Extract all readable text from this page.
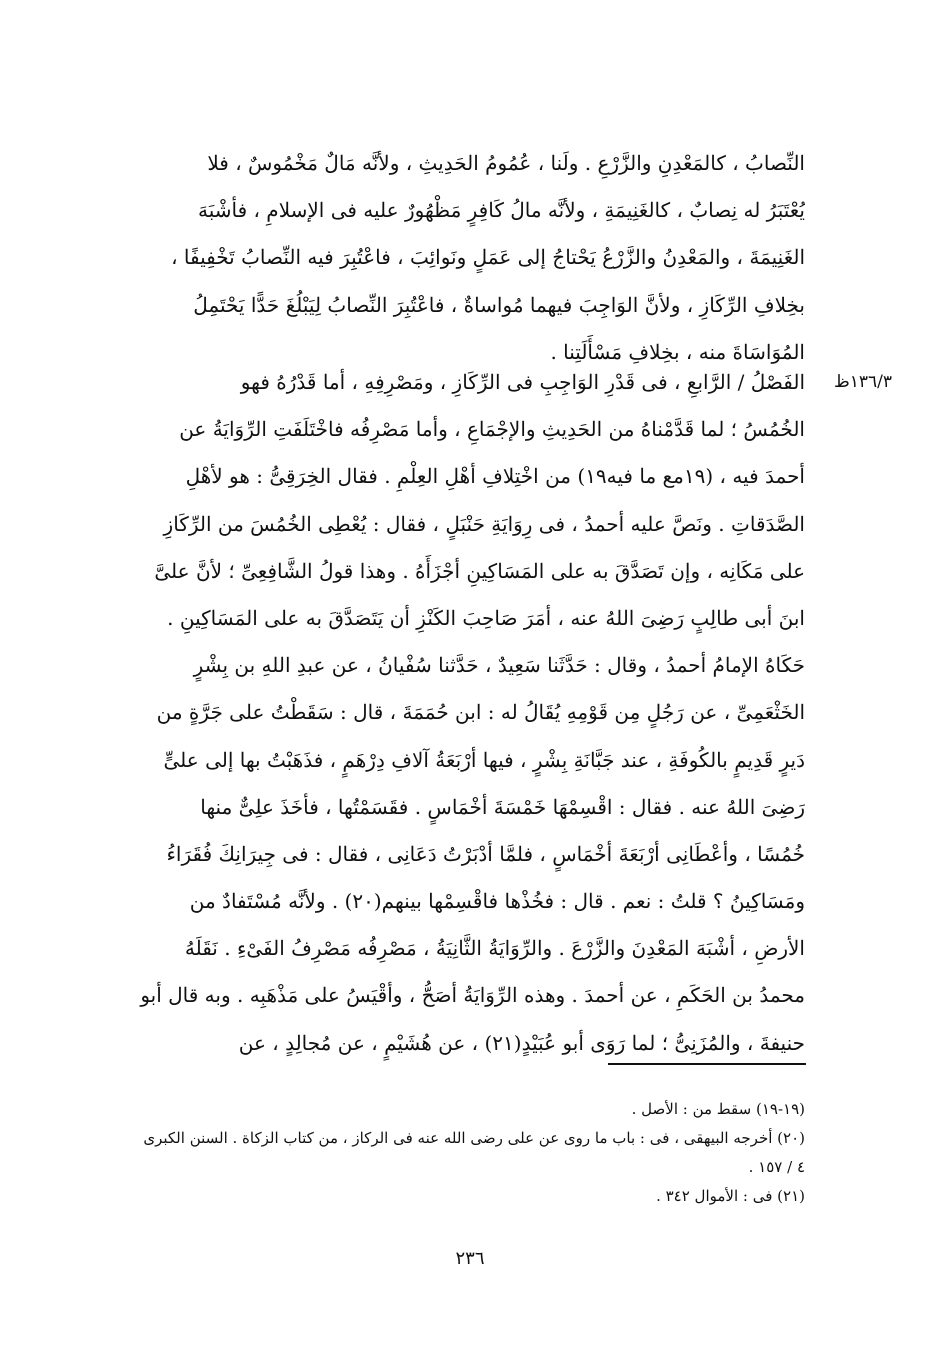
النِّصابُ ، كالمَعْدِنِ والزَّرْعِ . ولَنا ، عُمُومُ الحَدِيثِ ، ولأنَّه مَالٌ مَخْمُوسٌ ، فلا
يُعْتَبَرُ له نِصابٌ ، كالغَنِيمَةِ ، ولأنَّه مالُ كَافِرٍ مَظْهُورٌ عليه فى الإسلامِ ، فأشْبَهَ
الغَنِيمَةَ ، والمَعْدِنُ والزَّرْعُ يَحْتاجُ إلى عَمَلٍ ونَوائِبَ ، فاعْتُبِرَ فيه النِّصابُ تَخْفِيفًا ،
بخِلافِ الرِّكَازِ ، ولأنَّ الوَاجِبَ فيهما مُواساةٌ ، فاعْتُبِرَ النِّصابُ لِيَبْلُغَ حَدًّا يَحْتَمِلُ
المُوَاسَاةَ منه ، بخِلافِ مَسْأَلَتِنا .
١٣٦/٣ظ
الفَصْلُ / الرَّابعِ ، فى قَدْرِ الوَاجِبِ فى الرِّكَازِ ، ومَصْرِفِهِ ، أما قَدْرُهُ فهو
الخُمُسُ ؛ لما قَدَّمْناهُ من الحَدِيثِ والإجْمَاعِ ، وأما مَصْرِفُه فاخْتَلَفَتِ الرِّوَايَةُ عن
أحمدَ فيه ، (١٩مع ما فيه١٩) من اخْتِلافِ أهْلِ العِلْمِ . فقال الخِرَقِىُّ : هو لأهْلِ
الصَّدَقاتِ . ونَصَّ عليه أحمدُ ، فى رِوَايَةِ حَنْبَلٍ ، فقال : يُعْطِى الخُمُسَ من الرِّكَازِ
على مَكَانِه ، وإن تَصَدَّقَ به على المَسَاكِينِ أجْزَأَهُ . وهذا قولُ الشَّافِعِىِّ ؛ لأنَّ علىَّ
ابنَ أبى طالِبٍ رَضِىَ اللهُ عنه ، أمَرَ صَاحِبَ الكَنْزِ أن يَتَصَدَّقَ به على المَسَاكِينِ .
حَكَاهُ الإمامُ أحمدُ ، وقال : حَدَّثَنا سَعِيدٌ ، حَدَّثنا سُفْيانُ ، عن عبدِ اللهِ بن بِشْرٍ
الخَثْعَمِىِّ ، عن رَجُلٍ مِن قَوْمِهِ يُقَالُ له : ابن حُمَمَةَ ، قال : سَقَطْتُ على جَرَّةٍ من
دَيرٍ قَدِيمٍ بالكُوفَةِ ، عند جَبَّانَةِ بِشْرٍ ، فيها أرْبَعَةُ آلافِ دِرْهَمٍ ، فذَهَبْتُ بها إلى علىٍّ
رَضِىَ اللهُ عنه . فقال : اقْسِمْهَا خَمْسَةَ أخْمَاسٍ . فقَسَمْتُها ، فأخَذَ علِىٌّ منها
خُمُسًا ، وأعْطَانِى أرْبَعَةَ أخْمَاسٍ ، فلمَّا أدْبَرْتُ دَعَانِى ، فقال : فى جِيرَانِكَ فُقَرَاءُ
ومَسَاكِينُ ؟ قلتُ : نعم . قال : فخُذْها فاقْسِمْها بينهم(٢٠) . ولأنَّه مُسْتَفادٌ من
الأرضِ ، أشْبَهَ المَعْدِنَ والزَّرْعَ . والرِّوَايَةُ الثَّانِيَةُ ، مَصْرِفُه مَصْرِفُ الفَىْءِ . نَقَلَهُ
محمدُ بن الحَكَمِ ، عن أحمدَ . وهذه الرِّوَايَةُ أصَحُّ ، وأقْيَسُ على مَذْهَبِه . وبه قال أبو
حنيفةَ ، والمُزَنِىُّ ؛ لما رَوَى أبو عُبَيْدٍ(٢١) ، عن هُشَيْمٍ ، عن مُجالِدٍ ، عن
(١٩-١٩) سقط من : الأصل .
(٢٠) أخرجه البيهقى ، فى : باب ما روى عن على رضى الله عنه فى الركاز ، من كتاب الزكاة . السنن الكبرى
٤ / ١٥٧ .
(٢١) فى : الأموال ٣٤٢ .
٢٣٦
